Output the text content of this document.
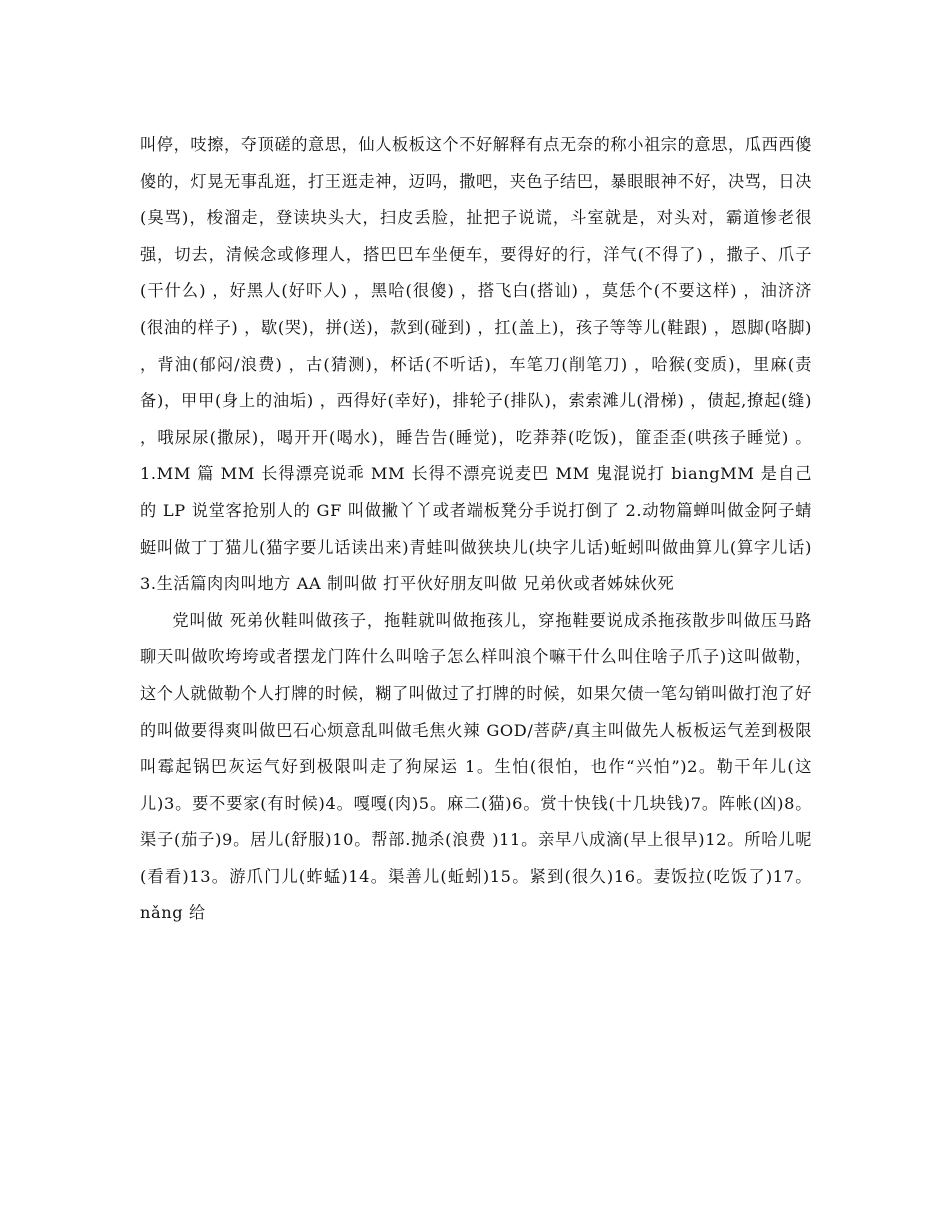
叫停，吱擦，夺顶磋的意思，仙人板板这个不好解释有点无奈的称小祖宗的意思，瓜西西傻傻的，灯晃无事乱逛，打王逛走神，迈吗，撒吧，夹色子结巴，暴眼眼神不好，决骂，日决(臭骂)，梭溜走，登读块头大，扫皮丢脸，扯把子说谎，斗室就是，对头对，霸道惨老很强，切去，清候念或修理人，搭巴巴车坐便车，要得好的行，洋气(不得了) ，撒子、爪子(干什么) ，好黑人(好吓人) ，黑哈(很傻) ，搭飞白(搭讪) ，莫恁个(不要这样) ，油济济(很油的样子) ，歇(哭)，拼(送)，款到(碰到) ，扛(盖上)，孩子等等儿(鞋跟) ，恩脚(咯脚) ，背油(郁闷/浪费) ，古(猜测)，杯话(不听话)，车笔刀(削笔刀) ，哈猴(变质)，里麻(责备)，甲甲(身上的油垢) ，西得好(幸好)，排轮子(排队)，索索滩儿(滑梯) ，债起,撩起(缝) ，哦尿尿(撒尿)，喝开开(喝水)，睡告告(睡觉)，吃莽莽(吃饭)，篚歪歪(哄孩子睡觉) 。 1.MM 篇 MM 长得漂亮说乖 MM 长得不漂亮说麦巴 MM 鬼混说打 biangMM 是自己的 LP 说堂客抢别人的 GF 叫做撇丫丫或者端板凳分手说打倒了 2.动物篇蝉叫做金阿子蜻蜓叫做丁丁猫儿(猫字要儿话读出来)青蛙叫做狭块儿(块字儿话)蚯蚓叫做曲算儿(算字儿话) 3.生活篇肉肉叫地方 AA 制叫做 打平伙好朋友叫做 兄弟伙或者姊妹伙死

党叫做 死弟伙鞋叫做孩子，拖鞋就叫做拖孩儿，穿拖鞋要说成杀拖孩散步叫做压马路聊天叫做吹垮垮或者摆龙门阵什么叫啥子怎么样叫浪个嘛干什么叫住啥子爪子)这叫做勒，这个人就做勒个人打牌的时候，糊了叫做过了打牌的时候，如果欠债一笔勾销叫做打泡了好的叫做要得爽叫做巴石心烦意乱叫做毛焦火辣 GOD/菩萨/真主叫做先人板板运气差到极限叫霉起锅巴灰运气好到极限叫走了狗屎运 1。生怕(很怕，也作“兴怕”)2。勒干年儿(这儿)3。要不要家(有时候)4。嘎嘎(肉)5。麻二(猫)6。赏十快钱(十几块钱)7。阵帐(凶)8。渠子(茄子)9。居儿(舒服)10。帮部.抛杀(浪费 )11。亲早八成滴(早上很早)12。所哈儿呢(看看)13。游爪门儿(蚱蜢)14。渠善儿(蚯蚓)15。紧到(很久)16。妻饭拉(吃饭了)17。nǎng 给
